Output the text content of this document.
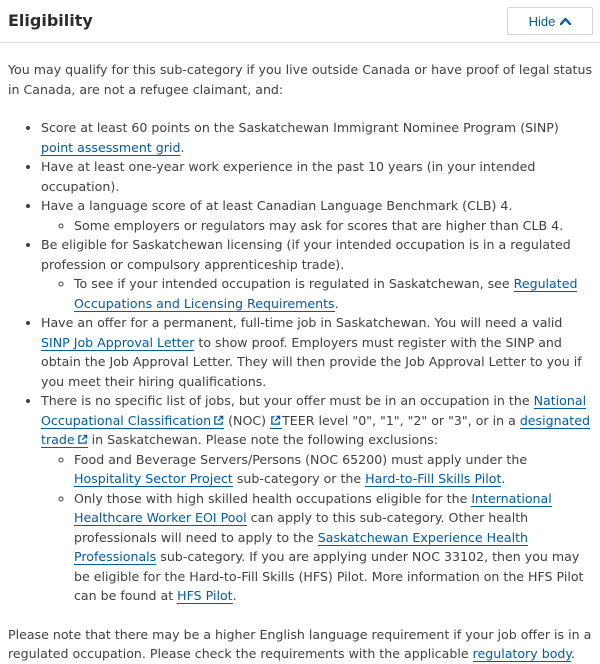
Eligibility	Hide

You may qualify for this sub-category if you live outside Canada or have proof of legal status in Canada, are not a refugee claimant, and:

• Score at least 60 points on the Saskatchewan Immigrant Nominee Program (SINP) point assessment grid.
• Have at least one-year work experience in the past 10 years (in your intended occupation).
• Have a language score of at least Canadian Language Benchmark (CLB) 4.
◦ Some employers or regulators may ask for scores that are higher than CLB 4.
• Be eligible for Saskatchewan licensing (if your intended occupation is in a regulated profession or compulsory apprenticeship trade).
◦ To see if your intended occupation is regulated in Saskatchewan, see Regulated Occupations and Licensing Requirements.
• Have an offer for a permanent, full-time job in Saskatchewan. You will need a valid SINP Job Approval Letter to show proof. Employers must register with the SINP and obtain the Job Approval Letter. They will then provide the Job Approval Letter to you if you meet their hiring qualifications.
• There is no specific list of jobs, but your offer must be in an occupation in the National Occupational Classification (NOC) TEER level "0", "1", "2" or "3", or in a designated trade in Saskatchewan. Please note the following exclusions:
◦ Food and Beverage Servers/Persons (NOC 65200) must apply under the Hospitality Sector Project sub-category or the Hard-to-Fill Skills Pilot.
◦ Only those with high skilled health occupations eligible for the International Healthcare Worker EOI Pool can apply to this sub-category. Other health professionals will need to apply to the Saskatchewan Experience Health Professionals sub-category. If you are applying under NOC 33102, then you may be eligible for the Hard-to-Fill Skills (HFS) Pilot. More information on the HFS Pilot can be found at HFS Pilot.

Please note that there may be a higher English language requirement if your job offer is in a regulated occupation. Please check the requirements with the applicable regulatory body.
